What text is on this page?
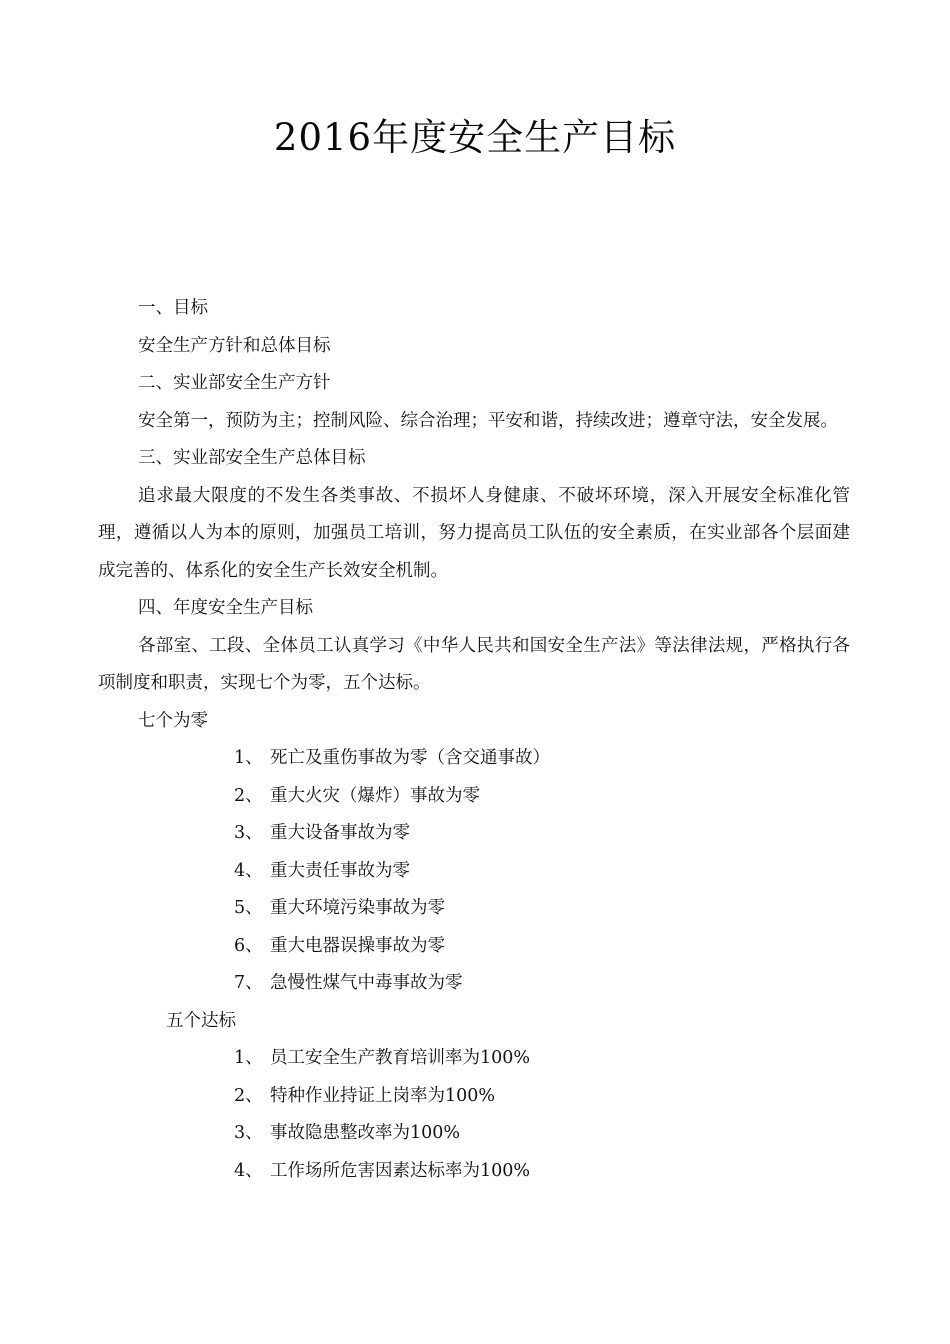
2016年度安全生产目标

一、目标

安全生产方针和总体目标

二、实业部安全生产方针

安全第一，预防为主；控制风险、综合治理；平安和谐，持续改进；遵章守法，安全发展。

三、实业部安全生产总体目标

追求最大限度的不发生各类事故、不损坏人身健康、不破坏环境，深入开展安全标准化管理，遵循以人为本的原则，加强员工培训，努力提高员工队伍的安全素质，在实业部各个层面建成完善的、体系化的安全生产长效安全机制。

四、年度安全生产目标

各部室、工段、全体员工认真学习《中华人民共和国安全生产法》等法律法规，严格执行各项制度和职责，实现七个为零，五个达标。

七个为零

1、 死亡及重伤事故为零（含交通事故）
2、 重大火灾（爆炸）事故为零
3、 重大设备事故为零
4、 重大责任事故为零
5、 重大环境污染事故为零
6、 重大电器误操事故为零
7、 急慢性煤气中毒事故为零

五个达标

1、 员工安全生产教育培训率为100%
2、 特种作业持证上岗率为100%
3、 事故隐患整改率为100%
4、 工作场所危害因素达标率为100%
